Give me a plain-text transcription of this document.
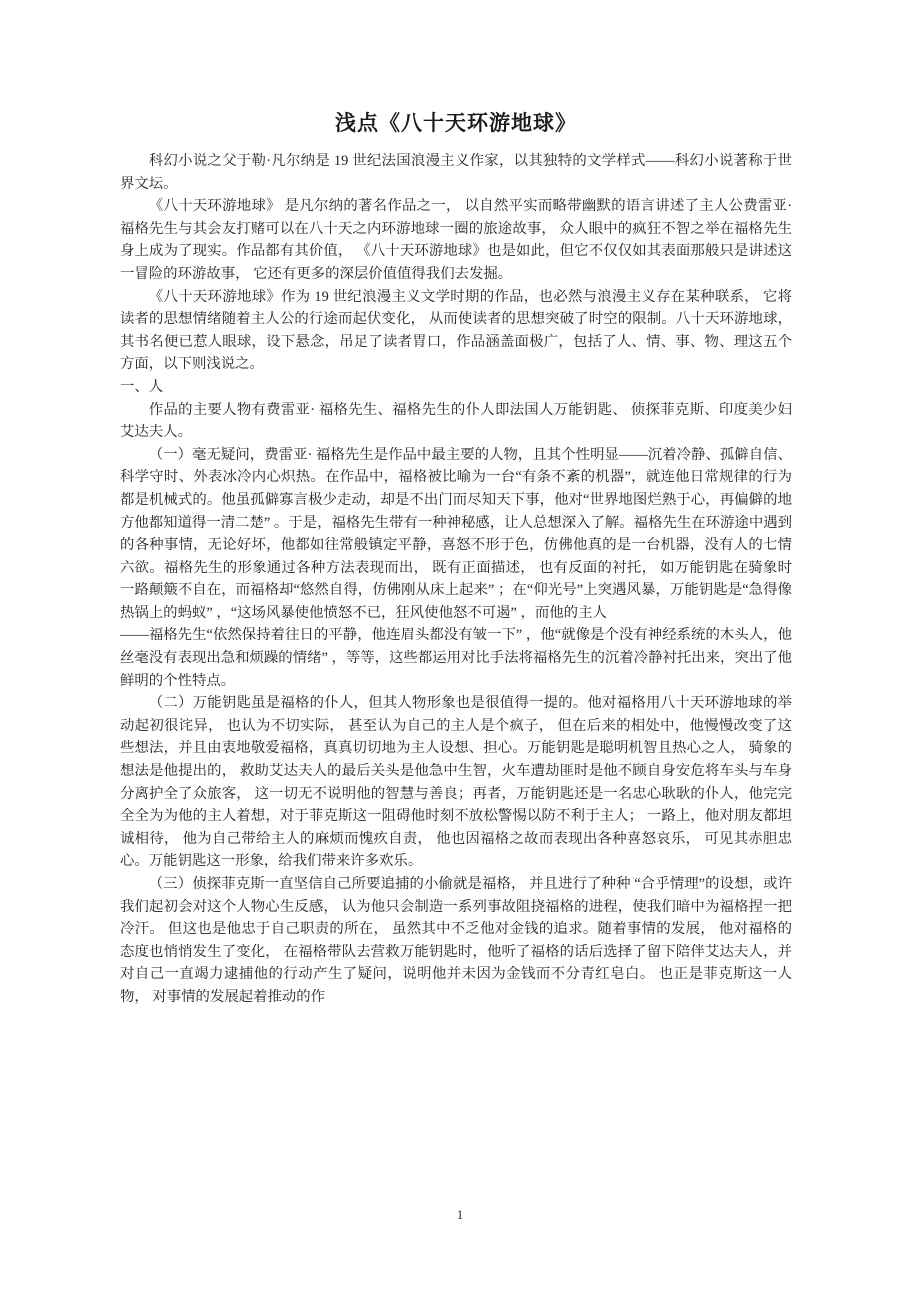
浅点《八十天环游地球》

科幻小说之父于勒·凡尔纳是 19 世纪法国浪漫主义作家，以其独特的文学样式——科幻小说著称于世界文坛。

《八十天环游地球》 是凡尔纳的著名作品之一， 以自然平实而略带幽默的语言讲述了主人公费雷亚· 福格先生与其会友打赌可以在八十天之内环游地球一圈的旅途故事， 众人眼中的疯狂不智之举在福格先生身上成为了现实。作品都有其价值， 《八十天环游地球》也是如此，但它不仅仅如其表面那般只是讲述这一冒险的环游故事， 它还有更多的深层价值值得我们去发掘。

《八十天环游地球》作为 19 世纪浪漫主义文学时期的作品，也必然与浪漫主义存在某种联系， 它将读者的思想情绪随着主人公的行途而起伏变化， 从而使读者的思想突破了时空的限制。八十天环游地球，其书名便已惹人眼球，设下悬念，吊足了读者胃口，作品涵盖面极广，包括了人、情、事、物、理这五个方面，以下则浅说之。

一、人

作品的主要人物有费雷亚· 福格先生、福格先生的仆人即法国人万能钥匙、 侦探菲克斯、印度美少妇艾达夫人。

（一）毫无疑问，费雷亚· 福格先生是作品中最主要的人物，且其个性明显——沉着冷静、孤僻自信、科学守时、外表冰冷内心炽热。在作品中，福格被比喻为一台“有条不紊的机器”，就连他日常规律的行为都是机械式的。他虽孤僻寡言极少走动，却是不出门而尽知天下事，他对“世界地图烂熟于心，再偏僻的地方他都知道得一清二楚” 。于是，福格先生带有一种神秘感，让人总想深入了解。福格先生在环游途中遇到的各种事情，无论好坏，他都如往常般镇定平静，喜怒不形于色，仿佛他真的是一台机器，没有人的七情六欲。福格先生的形象通过各种方法表现而出， 既有正面描述， 也有反面的衬托， 如万能钥匙在骑象时一路颠簸不自在，而福格却“悠然自得，仿佛刚从床上起来” ；在“仰光号”上突遇风暴，万能钥匙是“急得像热锅上的蚂蚁” ，“这场风暴使他愤怒不已，狂风使他怒不可遏” ，而他的主人

——福格先生“依然保持着往日的平静，他连眉头都没有皱一下” ，他“就像是个没有神经系统的木头人，他丝毫没有表现出急和烦躁的情绪” ，等等，这些都运用对比手法将福格先生的沉着冷静衬托出来，突出了他鲜明的个性特点。

（二）万能钥匙虽是福格的仆人，但其人物形象也是很值得一提的。他对福格用八十天环游地球的举动起初很诧异， 也认为不切实际， 甚至认为自己的主人是个疯子， 但在后来的相处中，他慢慢改变了这些想法，并且由衷地敬爱福格，真真切切地为主人设想、担心。万能钥匙是聪明机智且热心之人， 骑象的想法是他提出的， 救助艾达夫人的最后关头是他急中生智，火车遭劫匪时是他不顾自身安危将车头与车身分离护全了众旅客， 这一切无不说明他的智慧与善良；再者，万能钥匙还是一名忠心耿耿的仆人，他完完全全为为他的主人着想，对于菲克斯这一阻碍他时刻不放松警惕以防不利于主人； 一路上，他对朋友都坦诚相待， 他为自己带给主人的麻烦而愧疚自责， 他也因福格之故而表现出各种喜怒哀乐， 可见其赤胆忠心。万能钥匙这一形象，给我们带来许多欢乐。

（三）侦探菲克斯一直坚信自己所要追捕的小偷就是福格， 并且进行了种种 “合乎情理”的设想，或许我们起初会对这个人物心生反感， 认为他只会制造一系列事故阻挠福格的进程，使我们暗中为福格捏一把冷汗。 但这也是他忠于自己职责的所在， 虽然其中不乏他对金钱的追求。随着事情的发展， 他对福格的态度也悄悄发生了变化， 在福格带队去营救万能钥匙时，他听了福格的话后选择了留下陪伴艾达夫人，并对自己一直竭力逮捕他的行动产生了疑问，说明他并未因为金钱而不分青红皂白。 也正是菲克斯这一人物， 对事情的发展起着推动的作

1
